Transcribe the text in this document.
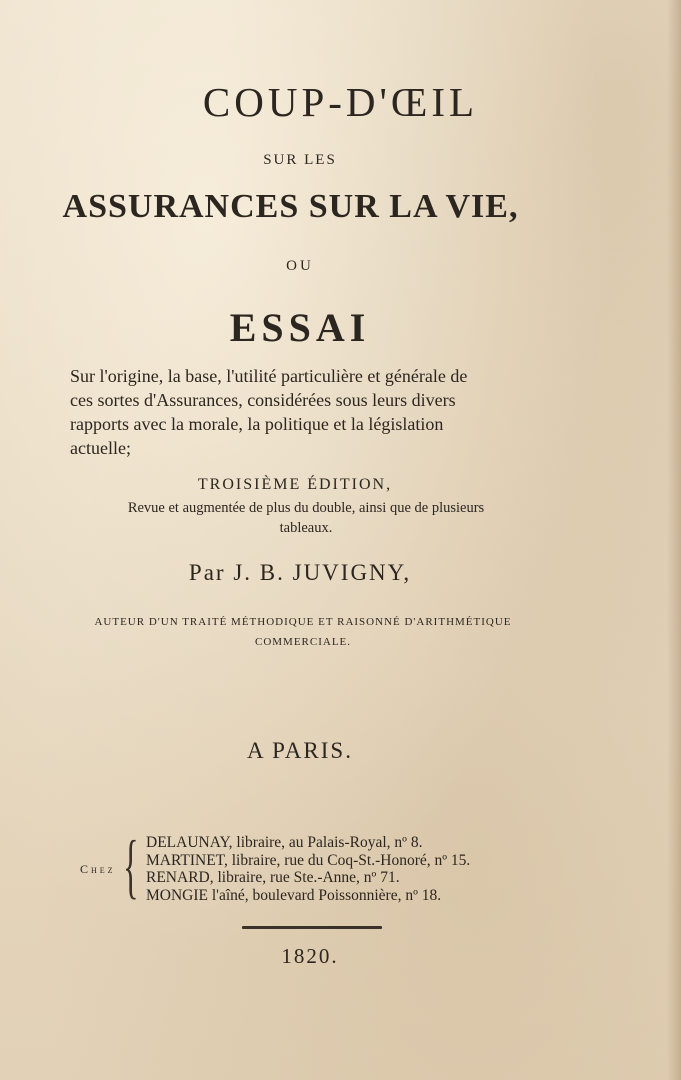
COUP-D'ŒIL

SUR LES

ASSURANCES SUR LA VIE,

OU

ESSAI
Sur l'origine, la base, l'utilité particulière et générale de
ces sortes d'Assurances, considérées sous leurs divers
rapports avec la morale, la politique et la législation
actuelle;

TROISIÈME ÉDITION,

Revue et augmentée de plus du double, ainsi que de plusieurs
tableaux.

Par J. B. JUVIGNY,

AUTEUR D'UN TRAITÉ MÉTHODIQUE ET RAISONNÉ D'ARITHMÉTIQUE
COMMERCIALE.

A PARIS.

Chez { DELAUNAY, libraire, au Palais-Royal, nº 8.
MARTINET, libraire, rue du Coq-St.-Honoré, nº 15.
RENARD, libraire, rue Ste.-Anne, nº 71.
MONGIE l'aîné, boulevard Poissonnière, nº 18.

1820.
